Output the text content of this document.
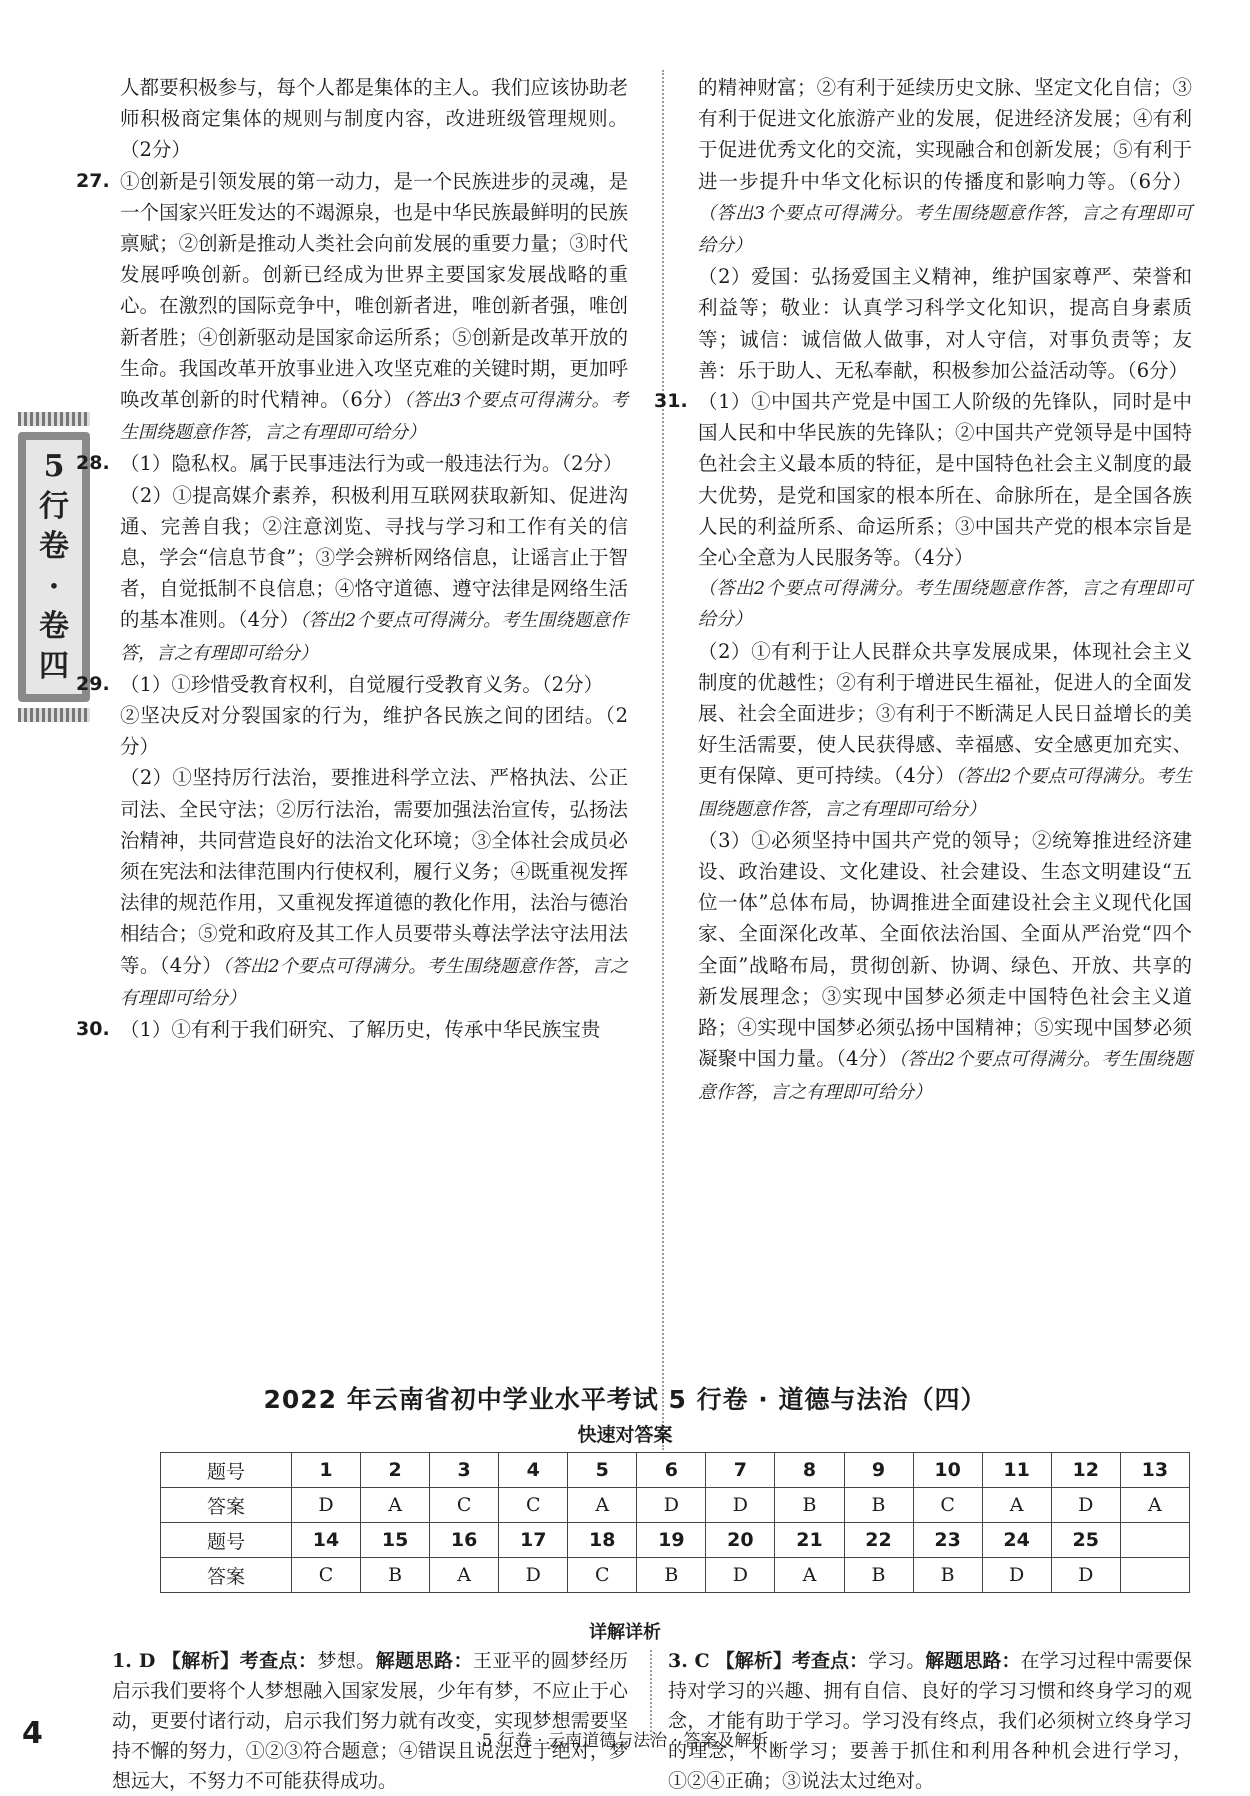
5
行
卷
·
卷
四

人都要积极参与，每个人都是集体的主人。我们应该协助老师积极商定集体的规则与制度内容，改进班级管理规则。（2分）

27. ①创新是引领发展的第一动力，是一个民族进步的灵魂，是一个国家兴旺发达的不竭源泉，也是中华民族最鲜明的民族禀赋；②创新是推动人类社会向前发展的重要力量；③时代发展呼唤创新。创新已经成为世界主要国家发展战略的重心。在激烈的国际竞争中，唯创新者进，唯创新者强，唯创新者胜；④创新驱动是国家命运所系；⑤创新是改革开放的生命。我国改革开放事业进入攻坚克难的关键时期，更加呼唤改革创新的时代精神。（6分）（答出3个要点可得满分。考生围绕题意作答，言之有理即可给分）
28. （1）隐私权。属于民事违法行为或一般违法行为。（2分）

（2）①提高媒介素养，积极利用互联网获取新知、促进沟通、完善自我；②注意浏览、寻找与学习和工作有关的信息，学会“信息节食”；③学会辨析网络信息，让谣言止于智者，自觉抵制不良信息；④恪守道德、遵守法律是网络生活的基本准则。（4分）（答出2个要点可得满分。考生围绕题意作答，言之有理即可给分）

29. （1）①珍惜受教育权利，自觉履行受教育义务。（2分）

②坚决反对分裂国家的行为，维护各民族之间的团结。（2分）

（2）①坚持厉行法治，要推进科学立法、严格执法、公正司法、全民守法；②厉行法治，需要加强法治宣传，弘扬法治精神，共同营造良好的法治文化环境；③全体社会成员必须在宪法和法律范围内行使权利，履行义务；④既重视发挥法律的规范作用，又重视发挥道德的教化作用，法治与德治相结合；⑤党和政府及其工作人员要带头尊法学法守法用法等。（4分）（答出2个要点可得满分。考生围绕题意作答，言之有理即可给分）

30. （1）①有利于我们研究、了解历史，传承中华民族宝贵

的精神财富；②有利于延续历史文脉、坚定文化自信；③有利于促进文化旅游产业的发展，促进经济发展；④有利于促进优秀文化的交流，实现融合和创新发展；⑤有利于进一步提升中华文化标识的传播度和影响力等。（6分）（答出3个要点可得满分。考生围绕题意作答，言之有理即可给分）

（2）爱国：弘扬爱国主义精神，维护国家尊严、荣誉和利益等；敬业：认真学习科学文化知识，提高自身素质等；诚信：诚信做人做事，对人守信，对事负责等；友善：乐于助人、无私奉献，积极参加公益活动等。（6分）

31. （1）①中国共产党是中国工人阶级的先锋队，同时是中国人民和中华民族的先锋队；②中国共产党领导是中国特色社会主义最本质的特征，是中国特色社会主义制度的最大优势，是党和国家的根本所在、命脉所在，是全国各族人民的利益所系、命运所系；③中国共产党的根本宗旨是全心全意为人民服务等。（4分）

（答出2个要点可得满分。考生围绕题意作答，言之有理即可给分）

（2）①有利于让人民群众共享发展成果，体现社会主义制度的优越性；②有利于增进民生福祉，促进人的全面发展、社会全面进步；③有利于不断满足人民日益增长的美好生活需要，使人民获得感、幸福感、安全感更加充实、更有保障、更可持续。（4分）（答出2个要点可得满分。考生围绕题意作答，言之有理即可给分）

（3）①必须坚持中国共产党的领导；②统筹推进经济建设、政治建设、文化建设、社会建设、生态文明建设“五位一体”总体布局，协调推进全面建设社会主义现代化国家、全面深化改革、全面依法治国、全面从严治党“四个全面”战略布局，贯彻创新、协调、绿色、开放、共享的新发展理念；③实现中国梦必须走中国特色社会主义道路；④实现中国梦必须弘扬中国精神；⑤实现中国梦必须凝聚中国力量。（4分）（答出2个要点可得满分。考生围绕题意作答，言之有理即可给分）

2022 年云南省初中学业水平考试 5 行卷 · 道德与法治（四）
快速对答案
题号	1	2	3	4	5	6	7	8	9	10	11	12	13
答案	D	A	C	C	A	D	D	B	B	C	A	D	A
题号	14	15	16	17	18	19	20	21	22	23	24	25	
答案	C	B	A	D	C	B	D	A	B	B	D	D	
详解详析
1. D 【解析】考查点：梦想。解题思路：王亚平的圆梦经历启示我们要将个人梦想融入国家发展，少年有梦，不应止于心动，更要付诸行动，启示我们努力就有改变，实现梦想需要坚持不懈的努力，①②③符合题意；④错误且说法过于绝对，梦想远大，不努力不可能获得成功。
3. C 【解析】考查点：学习。解题思路：在学习过程中需要保持对学习的兴趣、拥有自信、良好的学习习惯和终身学习的观念，才能有助于学习。学习没有终点，我们必须树立终身学习的理念，不断学习；要善于抓住和利用各种机会进行学习，①②④正确；③说法太过绝对。
4	5 行卷 · 云南道德与法治 · 答案及解析
